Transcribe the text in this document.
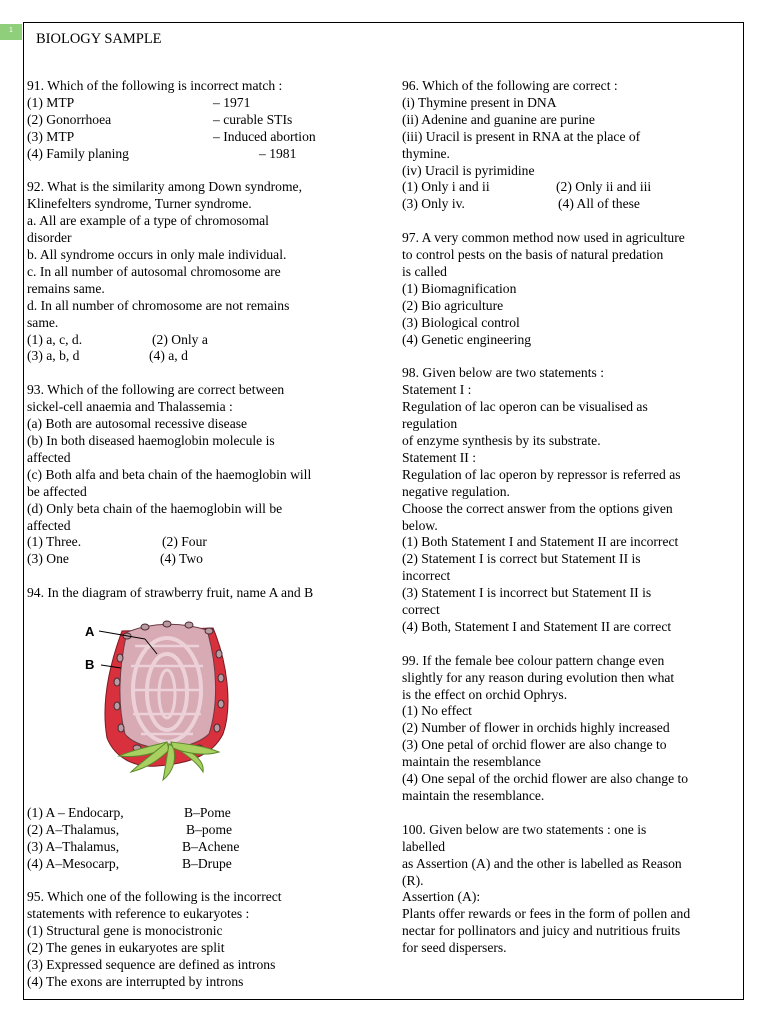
1
BIOLOGY SAMPLE
91. Which of the following is incorrect match :
(1) MTP	– 1971
(2) Gonorrhoea	– curable STIs
(3) MTP	– Induced abortion
(4) Family planing	– 1981
92. What is the similarity among Down syndrome,
Klinefelters syndrome, Turner syndrome.
a. All are example of a type of chromosomal
disorder
b. All syndrome occurs in only male individual.
c. In all number of autosomal chromosome are
remains same.
d. In all number of chromosome are not remains
same.
(1) a, c, d.	(2) Only a
(3) a, b, d	(4) a, d
93. Which of the following are correct between
sickel-cell anaemia and Thalassemia :
(a) Both are autosomal recessive disease
(b) In both diseased haemoglobin molecule is
affected
(c) Both alfa and beta chain of the haemoglobin will
be affected
(d) Only beta chain of the haemoglobin will be
affected
(1) Three.	(2) Four
(3) One	(4) Two
94. In the diagram of strawberry fruit, name A and B
A
B
(1) A – Endocarp,	B–Pome
(2) A–Thalamus,	B–pome
(3) A–Thalamus,	B–Achene
(4) A–Mesocarp,	B–Drupe
95. Which one of the following is the incorrect
statements with reference to eukaryotes :
(1) Structural gene is monocistronic
(2) The genes in eukaryotes are split
(3) Expressed sequence are defined as introns
(4) The exons are interrupted by introns
96. Which of the following are correct :
(i) Thymine present in DNA
(ii) Adenine and guanine are purine
(iii) Uracil is present in RNA at the place of
thymine.
(iv) Uracil is pyrimidine
(1) Only i and ii	(2) Only ii and iii
(3) Only iv.	(4) All of these
97. A very common method now used in agriculture
to control pests on the basis of natural predation
is called
(1) Biomagnification
(2) Bio agriculture
(3) Biological control
(4) Genetic engineering
98. Given below are two statements :
Statement I :
Regulation of lac operon can be visualised as
regulation
of enzyme synthesis by its substrate.
Statement II :
Regulation of lac operon by repressor is referred as
negative regulation.
Choose the correct answer from the options given
below.
(1) Both Statement I and Statement II are incorrect
(2) Statement I is correct but Statement II is
incorrect
(3) Statement I is incorrect but Statement II is
correct
(4) Both, Statement I and Statement II are correct
99. If the female bee colour pattern change even
slightly for any reason during evolution then what
is the effect on orchid Ophrys.
(1) No effect
(2) Number of flower in orchids highly increased
(3) One petal of orchid flower are also change to
maintain the resemblance
(4) One sepal of the orchid flower are also change to
maintain the resemblance.
100. Given below are two statements : one is
labelled
as Assertion (A) and the other is labelled as Reason
(R).
Assertion (A):
Plants offer rewards or fees in the form of pollen and
nectar for pollinators and juicy and nutritious fruits
for seed dispersers.
